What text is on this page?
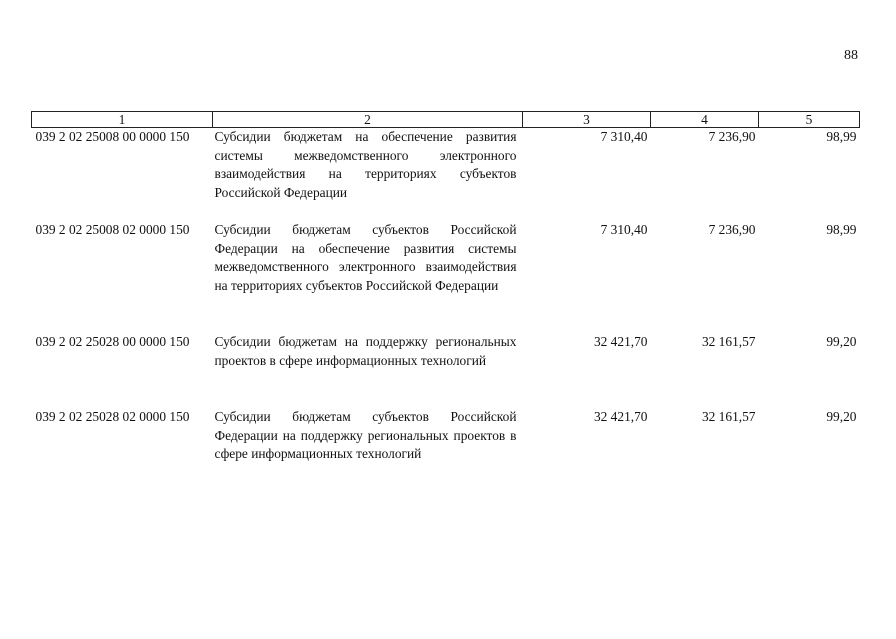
88
1	2	3	4	5
039 2 02 25008 00 0000 150	Субсидии бюджетам на обеспечение развития системы межведомственного электронного взаимодействия на территориях субъектов Российской Федерации	7 310,40	7 236,90	98,99
039 2 02 25008 02 0000 150	Субсидии бюджетам субъектов Российской Федерации на обеспечение развития системы межведомственного электронного взаимодействия на территориях субъектов Российской Федерации	7 310,40	7 236,90	98,99
039 2 02 25028 00 0000 150	Субсидии бюджетам на поддержку региональных проектов в сфере информационных технологий	32 421,70	32 161,57	99,20
039 2 02 25028 02 0000 150	Субсидии бюджетам субъектов Российской Федерации на поддержку региональных проектов в сфере информационных технологий	32 421,70	32 161,57	99,20
